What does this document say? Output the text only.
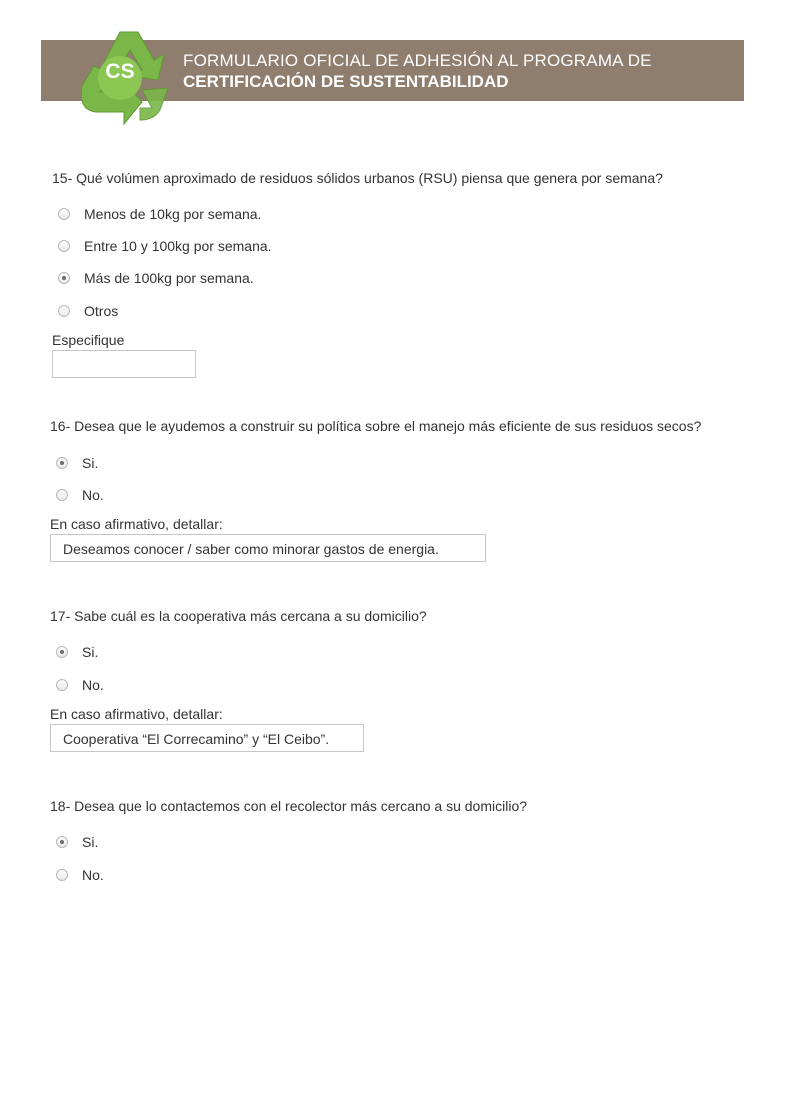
CS	FORMULARIO OFICIAL DE ADHESIÓN AL PROGRAMA DE
CERTIFICACIÓN DE SUSTENTABILIDAD
15- Qué volúmen aproximado de residuos sólidos urbanos (RSU) piensa que genera por semana?
Menos de 10kg por semana.
Entre 10 y 100kg por semana.
Más de 100kg por semana.
Otros
Especifique
16- Desea que le ayudemos a construir su política sobre el manejo más eficiente de sus residuos secos?
Si.
No.
En caso afirmativo, detallar:
Deseamos conocer / saber como minorar gastos de energia.
17- Sabe cuál es la cooperativa más cercana a su domicilio?
Si.
No.
En caso afirmativo, detallar:
Cooperativa “El Correcamino” y “El Ceibo”.
18- Desea que lo contactemos con el recolector más cercano a su domicilio?
Si.
No.
